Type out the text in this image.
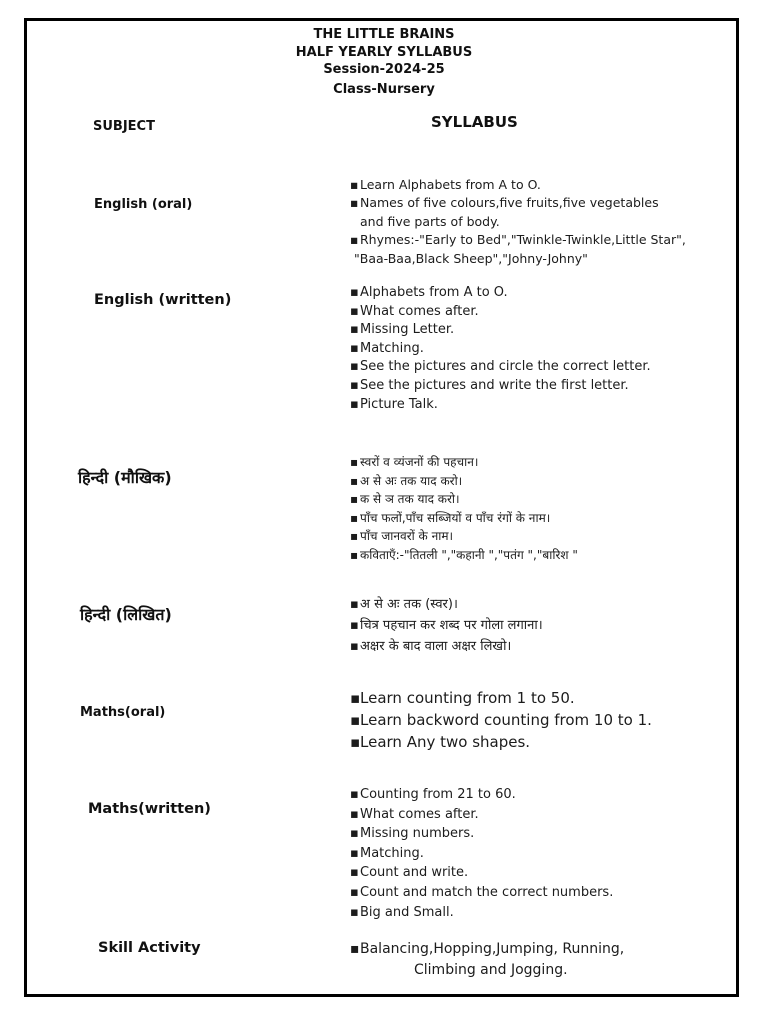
THE LITTLE BRAINS
HALF YEARLY SYLLABUS
Session-2024-25
Class-Nursery
SUBJECT	SYLLABUS
English (oral)
▪ Learn Alphabets from A to O.
▪ Names of five colours,five fruits,five vegetables
and five parts of body.
▪ Rhymes:-"Early to Bed","Twinkle-Twinkle,Little Star",
"Baa-Baa,Black Sheep","Johny-Johny"
English (written)	▪ Alphabets from A to O.
▪ What comes after.
▪ Missing Letter.
▪ Matching.
▪ See the pictures and circle the correct letter.
▪ See the pictures and write the first letter.
▪ Picture Talk.
हिन्दी (मौखिक)
▪ स्वरों व व्यंजनों की पहचान।
▪ अ से अः तक याद करो।
▪ क से ञ तक याद करो।
▪ पाँच फलों,पाँच सब्जियों व पाँच रंगों के नाम।
▪ पाँच जानवरों के नाम।
▪ कविताएँ:-"तितली ","कहानी ","पतंग ","बारिश "
हिन्दी (लिखित)
▪ अ से अः तक (स्वर)।
▪ चित्र पहचान कर शब्द पर गोला लगाना।
▪ अक्षर के बाद वाला अक्षर लिखो।
Maths(oral)
▪ Learn counting from 1 to 50.
▪ Learn backword counting from 10 to 1.
▪ Learn Any two shapes.
Maths(written)
▪ Counting from 21 to 60.
▪ What comes after.
▪ Missing numbers.
▪ Matching.
▪ Count and write.
▪ Count and match the correct numbers.
▪ Big and Small.
Skill Activity	▪ Balancing,Hopping,Jumping, Running,
Climbing and Jogging.
